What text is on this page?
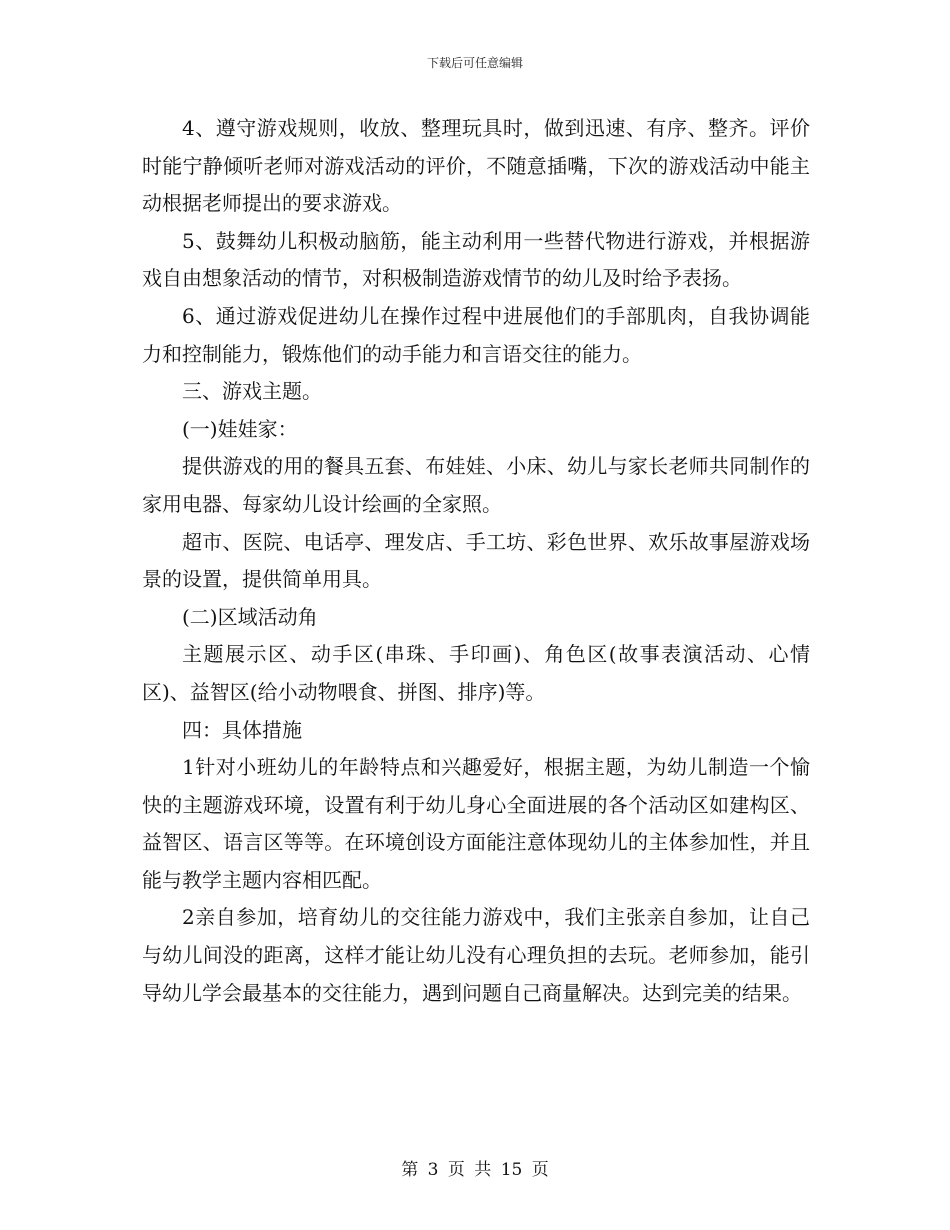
下载后可任意编辑

4、遵守游戏规则，收放、整理玩具时，做到迅速、有序、整齐。评价时能宁静倾听老师对游戏活动的评价，不随意插嘴，下次的游戏活动中能主动根据老师提出的要求游戏。

5、鼓舞幼儿积极动脑筋，能主动利用一些替代物进行游戏，并根据游戏自由想象活动的情节，对积极制造游戏情节的幼儿及时给予表扬。

6、通过游戏促进幼儿在操作过程中进展他们的手部肌肉，自我协调能力和控制能力，锻炼他们的动手能力和言语交往的能力。

三、游戏主题。

(一)娃娃家：

提供游戏的用的餐具五套、布娃娃、小床、幼儿与家长老师共同制作的家用电器、每家幼儿设计绘画的全家照。

超市、医院、电话亭、理发店、手工坊、彩色世界、欢乐故事屋游戏场景的设置，提供简单用具。

(二)区域活动角

主题展示区、动手区(串珠、手印画)、角色区(故事表演活动、心情区)、益智区(给小动物喂食、拼图、排序)等。

四：具体措施

1针对小班幼儿的年龄特点和兴趣爱好，根据主题，为幼儿制造一个愉快的主题游戏环境，设置有利于幼儿身心全面进展的各个活动区如建构区、益智区、语言区等等。在环境创设方面能注意体现幼儿的主体参加性，并且能与教学主题内容相匹配。

2亲自参加，培育幼儿的交往能力游戏中，我们主张亲自参加，让自己与幼儿间没的距离，这样才能让幼儿没有心理负担的去玩。老师参加，能引导幼儿学会最基本的交往能力，遇到问题自己商量解决。达到完美的结果。

第 3 页 共 15 页
